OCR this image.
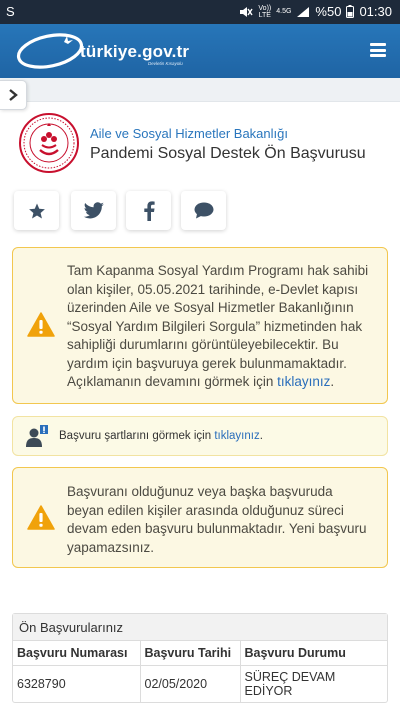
S	Vo))
LTE 4.5G %50 01:30
türkiye.gov.tr
Devletin Kısayolu
Aile ve Sosyal Hizmetler Bakanlığı
Pandemi Sosyal Destek Ön Başvurusu
Tam Kapanma Sosyal Yardım Programı hak sahibi olan kişiler, 05.05.2021 tarihinde, e-Devlet kapısı üzerinden Aile ve Sosyal Hizmetler Bakanlığının “Sosyal Yardım Bilgileri Sorgula” hizmetinden hak sahipliği durumlarını görüntüleyebilecektir. Bu yardım için başvuruya gerek bulunmamaktadır. Açıklamanın devamını görmek için tıklayınız.
Başvuru şartlarını görmek için tıklayınız.
Başvuranı olduğunuz veya başka başvuruda beyan edilen kişiler arasında olduğunuz süreci devam eden başvuru bulunmaktadır. Yeni başvuru yapamazsınız.
Ön Başvurularınız
Başvuru Numarası	Başvuru Tarihi	Başvuru Durumu
6328790	02/05/2020	SÜREÇ DEVAM EDİYOR
